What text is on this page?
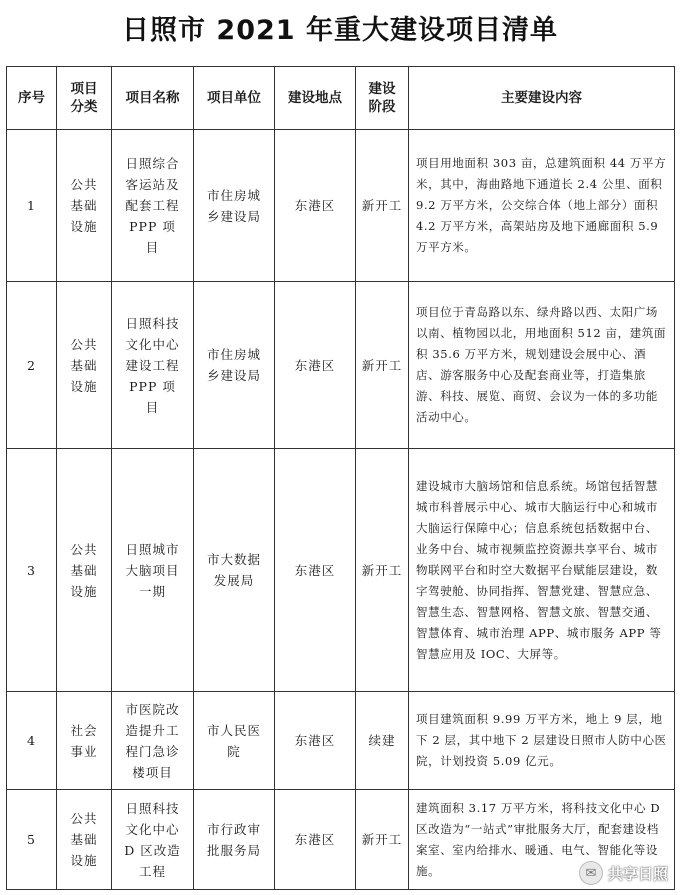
日照市 2021 年重大建设项目清单
序号	项目分类	项目名称	项目单位	建设地点	建设阶段	主要建设内容
1	公共基础设施	日照综合客运站及配套工程 PPP 项目	市住房城乡建设局	东港区	新开工	项目用地面积 303 亩，总建筑面积 44 万平方米，其中，海曲路地下通道长 2.4 公里、面积 9.2 万平方米，公交综合体（地上部分）面积 4.2 万平方米，高架站房及地下通廊面积 5.9 万平方米。
2	公共基础设施	日照科技文化中心建设工程 PPP 项目	市住房城乡建设局	东港区	新开工	项目位于青岛路以东、绿舟路以西、太阳广场以南、植物园以北，用地面积 512 亩，建筑面积 35.6 万平方米，规划建设会展中心、酒店、游客服务中心及配套商业等，打造集旅游、科技、展览、商贸、会议为一体的多功能活动中心。
3	公共基础设施	日照城市大脑项目一期	市大数据发展局	东港区	新开工	建设城市大脑场馆和信息系统。场馆包括智慧城市科普展示中心、城市大脑运行中心和城市大脑运行保障中心；信息系统包括数据中台、业务中台、城市视频监控资源共享平台、城市物联网平台和时空大数据平台赋能层建设，数字驾驶舱、协同指挥、智慧党建、智慧应急、智慧生态、智慧网格、智慧文旅、智慧交通、智慧体育、城市治理 APP、城市服务 APP 等智慧应用及 IOC、大屏等。
4	社会事业	市医院改造提升工程门急诊楼项目	市人民医院	东港区	续建	项目建筑面积 9.99 万平方米，地上 9 层，地下 2 层，其中地下 2 层建设日照市人防中心医院，计划投资 5.09 亿元。
5	公共基础设施	日照科技文化中心 D 区改造工程	市行政审批服务局	东港区	新开工	建筑面积 3.17 万平方米，将科技文化中心 D 区改造为“一站式”审批服务大厅，配套建设档案室、室内给排水、暖通、电气、智能化等设施。	✉ 共享日照
